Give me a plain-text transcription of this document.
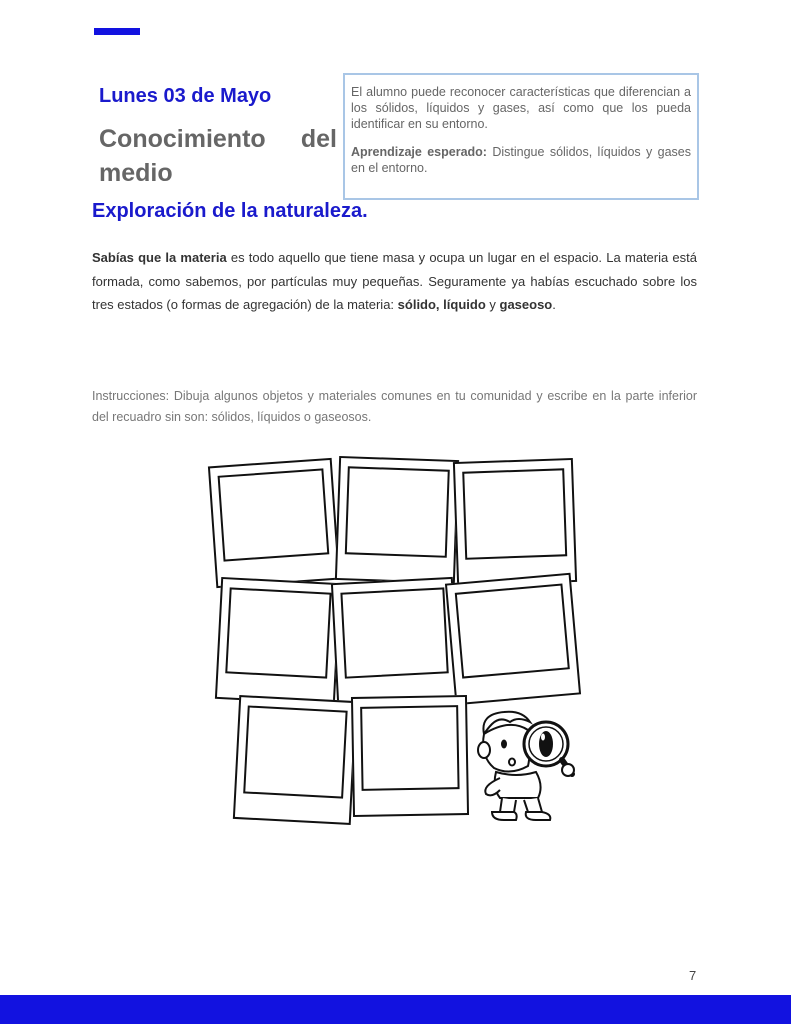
Lunes 03 de Mayo
Conocimiento del
medio

El alumno puede reconocer características que diferencian a los sólidos, líquidos y gases, así como que los pueda identificar en su entorno.

Aprendizaje esperado: Distingue sólidos, líquidos y gases en el entorno.

Exploración de la naturaleza.
Sabías que la materia es todo aquello que tiene masa y ocupa un lugar en el espacio. La materia está formada, como sabemos, por partículas muy pequeñas. Seguramente ya habías escuchado sobre los tres estados (o formas de agregación) de la materia: sólido, líquido y gaseoso.
Instrucciones: Dibuja algunos objetos y materiales comunes en tu comunidad y escribe en la parte inferior del recuadro sin son: sólidos, líquidos o gaseosos.
7
